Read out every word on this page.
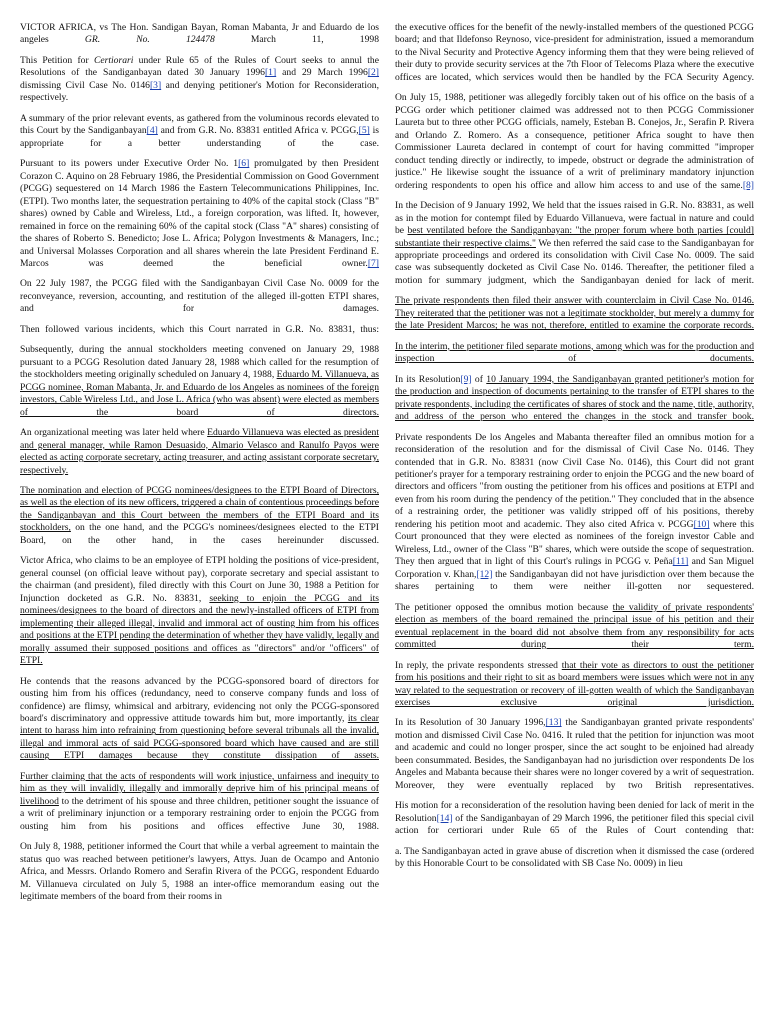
VICTOR AFRICA, vs The Hon. Sandigan Bayan, Roman Mabanta, Jr and Eduardo de los angeles GR. No. 124478 March 11, 1998

This Petition for Certiorari under Rule 65 of the Rules of Court seeks to annul the Resolutions of the Sandiganbayan dated 30 January 1996[1] and 29 March 1996[2] dismissing Civil Case No. 0146[3] and denying petitioner's Motion for Reconsideration, respectively.

A summary of the prior relevant events, as gathered from the voluminous records elevated to this Court by the Sandiganbayan[4] and from G.R. No. 83831 entitled Africa v. PCGG,[5] is appropriate for a better understanding of the case.

Pursuant to its powers under Executive Order No. 1[6] promulgated by then President Corazon C. Aquino on 28 February 1986, the Presidential Commission on Good Government (PCGG) sequestered on 14 March 1986 the Eastern Telecommunications Philippines, Inc. (ETPI). Two months later, the sequestration pertaining to 40% of the capital stock (Class "B" shares) owned by Cable and Wireless, Ltd., a foreign corporation, was lifted. It, however, remained in force on the remaining 60% of the capital stock (Class "A" shares) consisting of the shares of Roberto S. Benedicto; Jose L. Africa; Polygon Investments & Managers, Inc.; and Universal Molasses Corporation and all shares wherein the late President Ferdinand E. Marcos was deemed the beneficial owner.[7]

On 22 July 1987, the PCGG filed with the Sandiganbayan Civil Case No. 0009 for the reconveyance, reversion, accounting, and restitution of the alleged ill-gotten ETPI shares, and for damages.

Then followed various incidents, which this Court narrated in G.R. No. 83831, thus:

Subsequently, during the annual stockholders meeting convened on January 29, 1988 pursuant to a PCGG Resolution dated January 28, 1988 which called for the resumption of the stockholders meeting originally scheduled on January 4, 1988, Eduardo M. Villanueva, as PCGG nominee, Roman Mabanta, Jr. and Eduardo de los Angeles as nominees of the foreign investors, Cable Wireless Ltd., and Jose L. Africa (who was absent) were elected as members of the board of directors.

An organizational meeting was later held where Eduardo Villanueva was elected as president and general manager, while Ramon Desuasido, Almario Velasco and Ranulfo Payos were elected as acting corporate secretary, acting treasurer, and acting assistant corporate secretary, respectively.

The nomination and election of PCGG nominees/designees to the ETPI Board of Directors, as well as the election of its new officers, triggered a chain of contentious proceedings before the Sandiganbayan and this Court between the members of the ETPI Board and its stockholders, on the one hand, and the PCGG's nominees/designees elected to the ETPI Board, on the other hand, in the cases hereinunder discussed.

Victor Africa, who claims to be an employee of ETPI holding the positions of vice-president, general counsel (on official leave without pay), corporate secretary and special assistant to the chairman (and president), filed directly with this Court on June 30, 1988 a Petition for Injunction docketed as G.R. No. 83831, seeking to enjoin the PCGG and its nominees/designees to the board of directors and the newly-installed officers of ETPI from implementing their alleged illegal, invalid and immoral act of ousting him from his offices and positions at the ETPI pending the determination of whether they have validly, legally and morally assumed their supposed positions and offices as "directors" and/or "officers" of ETPI.

He contends that the reasons advanced by the PCGG-sponsored board of directors for ousting him from his offices (redundancy, need to conserve company funds and loss of confidence) are flimsy, whimsical and arbitrary, evidencing not only the PCGG-sponsored board's discriminatory and oppressive attitude towards him but, more importantly, its clear intent to harass him into refraining from questioning before several tribunals all the invalid, illegal and immoral acts of said PCGG-sponsored board which have caused and are still causing ETPI damages because they constitute dissipation of assets.

Further claiming that the acts of respondents will work injustice, unfairness and inequity to him as they will invalidly, illegally and immorally deprive him of his principal means of livelihood to the detriment of his spouse and three children, petitioner sought the issuance of a writ of preliminary injunction or a temporary restraining order to enjoin the PCGG from ousting him from his positions and offices effective June 30, 1988.

On July 8, 1988, petitioner informed the Court that while a verbal agreement to maintain the status quo was reached between petitioner's lawyers, Attys. Juan de Ocampo and Antonio Africa, and Messrs. Orlando Romero and Serafin Rivera of the PCGG, respondent Eduardo M. Villanueva circulated on July 5, 1988 an inter-office memorandum easing out the legitimate members of the board from their rooms in

the executive offices for the benefit of the newly-installed members of the questioned PCGG board; and that Ildefonso Reynoso, vice-president for administration, issued a memorandum to the Nival Security and Protective Agency informing them that they were being relieved of their duty to provide security services at the 7th Floor of Telecoms Plaza where the executive offices are located, which services would then be handled by the FCA Security Agency.

On July 15, 1988, petitioner was allegedly forcibly taken out of his office on the basis of a PCGG order which petitioner claimed was addressed not to then PCGG Commissioner Laureta but to three other PCGG officials, namely, Esteban B. Conejos, Jr., Serafin P. Rivera and Orlando Z. Romero. As a consequence, petitioner Africa sought to have then Commissioner Laureta declared in contempt of court for having committed "improper conduct tending directly or indirectly, to impede, obstruct or degrade the administration of justice." He likewise sought the issuance of a writ of preliminary mandatory injunction ordering respondents to open his office and allow him access to and use of the same.[8]

In the Decision of 9 January 1992, We held that the issues raised in G.R. No. 83831, as well as in the motion for contempt filed by Eduardo Villanueva, were factual in nature and could be best ventilated before the Sandiganbayan: "the proper forum where both parties [could] substantiate their respective claims." We then referred the said case to the Sandiganbayan for appropriate proceedings and ordered its consolidation with Civil Case No. 0009. The said case was subsequently docketed as Civil Case No. 0146. Thereafter, the petitioner filed a motion for summary judgment, which the Sandiganbayan denied for lack of merit.

The private respondents then filed their answer with counterclaim in Civil Case No. 0146. They reiterated that the petitioner was not a legitimate stockholder, but merely a dummy for the late President Marcos; he was not, therefore, entitled to examine the corporate records.

In the interim, the petitioner filed separate motions, among which was for the production and inspection of documents.

In its Resolution[9] of 10 January 1994, the Sandiganbayan granted petitioner's motion for the production and inspection of documents pertaining to the transfer of ETPI shares to the private respondents, including the certificates of shares of stock and the name, title, authority, and address of the person who entered the changes in the stock and transfer book.

Private respondents De los Angeles and Mabanta thereafter filed an omnibus motion for a reconsideration of the resolution and for the dismissal of Civil Case No. 0146. They contended that in G.R. No. 83831 (now Civil Case No. 0146), this Court did not grant petitioner's prayer for a temporary restraining order to enjoin the PCGG and the new board of directors and officers "from ousting the petitioner from his offices and positions at ETPI and even from his room during the pendency of the petition." They concluded that in the absence of a restraining order, the petitioner was validly stripped off of his positions, thereby rendering his petition moot and academic. They also cited Africa v. PCGG[10] where this Court pronounced that they were elected as nominees of the foreign investor Cable and Wireless, Ltd., owner of the Class "B" shares, which were outside the scope of sequestration. They then argued that in light of this Court's rulings in PCGG v. Peña[11] and San Miguel Corporation v. Khan,[12] the Sandiganbayan did not have jurisdiction over them because the shares pertaining to them were neither ill-gotten nor sequestered.

The petitioner opposed the omnibus motion because the validity of private respondents' election as members of the board remained the principal issue of his petition and their eventual replacement in the board did not absolve them from any responsibility for acts committed during their term.

In reply, the private respondents stressed that their vote as directors to oust the petitioner from his positions and their right to sit as board members were issues which were not in any way related to the sequestration or recovery of ill-gotten wealth of which the Sandiganbayan exercises exclusive original jurisdiction.

In its Resolution of 30 January 1996,[13] the Sandiganbayan granted private respondents' motion and dismissed Civil Case No. 0416. It ruled that the petition for injunction was moot and academic and could no longer prosper, since the act sought to be enjoined had already been consummated. Besides, the Sandiganbayan had no jurisdiction over respondents De los Angeles and Mabanta because their shares were no longer covered by a writ of sequestration. Moreover, they were eventually replaced by two British representatives.

His motion for a reconsideration of the resolution having been denied for lack of merit in the Resolution[14] of the Sandiganbayan of 29 March 1996, the petitioner filed this special civil action for certiorari under Rule 65 of the Rules of Court contending that:

a. The Sandiganbayan acted in grave abuse of discretion when it dismissed the case (ordered by this Honorable Court to be consolidated with SB Case No. 0009) in lieu
